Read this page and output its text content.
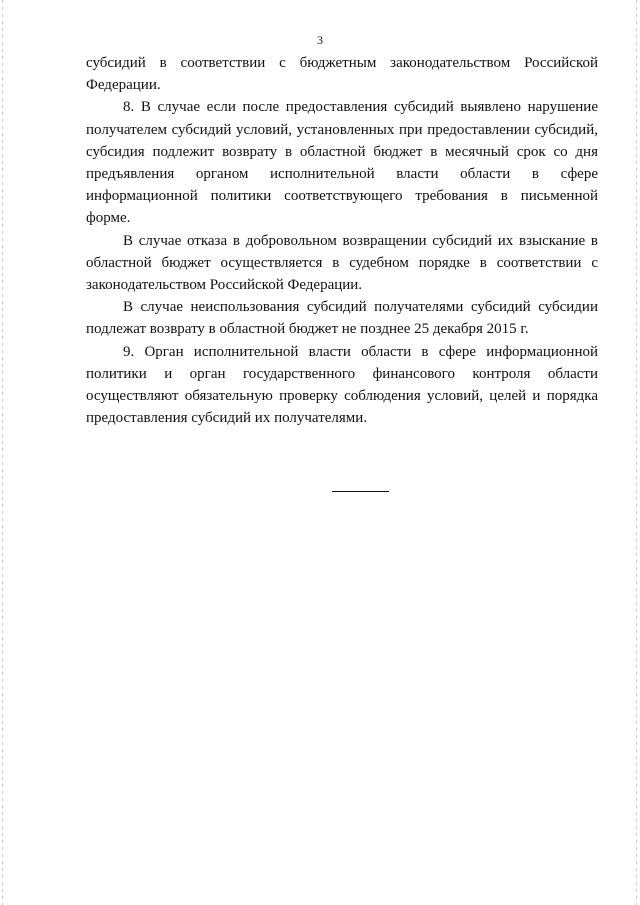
3

субсидий в соответствии с бюджетным законодательством Российской Федерации.

8. В случае если после предоставления субсидий выявлено нарушение получателем субсидий условий, установленных при предоставлении субсидий, субсидия подлежит возврату в областной бюджет в месячный срок со дня предъявления органом исполнительной власти области в сфере информационной политики соответствующего требования в письменной форме.

В случае отказа в добровольном возвращении субсидий их взыскание в областной бюджет осуществляется в судебном порядке в соответствии с законодательством Российской Федерации.

В случае неиспользования субсидий получателями субсидий субсидии подлежат возврату в областной бюджет не позднее 25 декабря 2015 г.

9. Орган исполнительной власти области в сфере информационной политики и орган государственного финансового контроля области осуществляют обязательную проверку соблюдения условий, целей и порядка предоставления субсидий их получателями.
